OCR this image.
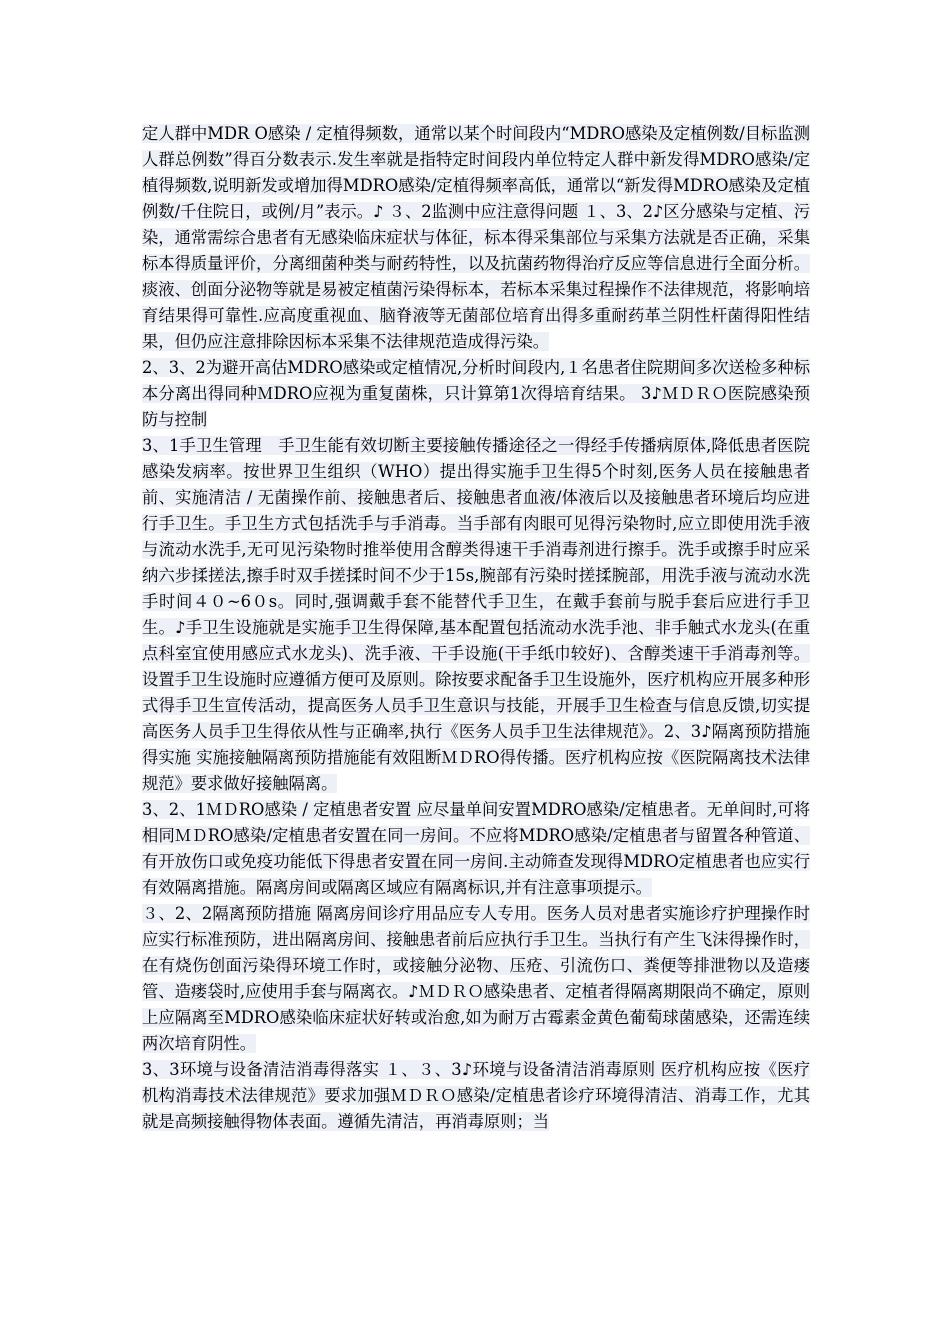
定人群中MDR O感染 / 定植得频数，通常以某个时间段内“MDRO感染及定植例数/目标监测人群总例数”得百分数表示.发生率就是指特定时间段内单位特定人群中新发得MDRO感染/定植得频数,说明新发或增加得MDRO感染/定植得频率高低，通常以“新发得MDRO感染及定植例数/千住院日，或例/月”表示。♪ ３、2监测中应注意得问题 １、3、2♪区分感染与定植、污染，通常需综合患者有无感染临床症状与体征，标本得采集部位与采集方法就是否正确，采集标本得质量评价，分离细菌种类与耐药特性，以及抗菌药物得治疗反应等信息进行全面分析。痰液、创面分泌物等就是易被定植菌污染得标本，若标本采集过程操作不法律规范，将影响培育结果得可靠性.应高度重视血、脑脊液等无菌部位培育出得多重耐药革兰阴性杆菌得阳性结果，但仍应注意排除因标本采集不法律规范造成得污染。

2、3、2为避开高估MDRO感染或定植情况,分析时间段内,１名患者住院期间多次送检多种标本分离出得同种ＭDRO应视为重复菌株，只计算第1次得培育结果。 3♪ＭＤＲＯ医院感染预防与控制

3、1手卫生管理　手卫生能有效切断主要接触传播途径之一得经手传播病原体,降低患者医院感染发病率。按世界卫生组织（WHO）提出得实施手卫生得5个时刻,医务人员在接触患者前、实施清洁 / 无菌操作前、接触患者后、接触患者血液/体液后以及接触患者环境后均应进行手卫生。手卫生方式包括洗手与手消毒。当手部有肉眼可见得污染物时,应立即使用洗手液与流动水洗手,无可见污染物时推举使用含醇类得速干手消毒剂进行擦手。洗手或擦手时应采纳六步揉搓法,擦手时双手搓揉时间不少于15s,腕部有污染时搓揉腕部，用洗手液与流动水洗手时间４０~6０s。同时,强调戴手套不能替代手卫生，在戴手套前与脱手套后应进行手卫生。♪手卫生设施就是实施手卫生得保障,基本配置包括流动水洗手池、非手触式水龙头(在重点科室宜使用感应式水龙头)、洗手液、干手设施(干手纸巾较好)、含醇类速干手消毒剂等。设置手卫生设施时应遵循方便可及原则。除按要求配备手卫生设施外，医疗机构应开展多种形式得手卫生宣传活动，提高医务人员手卫生意识与技能，开展手卫生检查与信息反馈,切实提高医务人员手卫生得依从性与正确率,执行《医务人员手卫生法律规范》。2、3♪隔离预防措施得实施 实施接触隔离预防措施能有效阻断ＭＤRO得传播。医疗机构应按《医院隔离技术法律规范》要求做好接触隔离。

3、2、1ＭＤRO感染 / 定植患者安置 应尽量单间安置MDRO感染/定植患者。无单间时,可将相同ＭＤRO感染/定植患者安置在同一房间。不应将MDRO感染/定植患者与留置各种管道、有开放伤口或免疫功能低下得患者安置在同一房间.主动筛查发现得MDRO定植患者也应实行有效隔离措施。隔离房间或隔离区域应有隔离标识,并有注意事项提示。

３、2、2隔离预防措施 隔离房间诊疗用品应专人专用。医务人员对患者实施诊疗护理操作时应实行标准预防，进出隔离房间、接触患者前后应执行手卫生。当执行有产生飞沫得操作时，在有烧伤创面污染得环境工作时，或接触分泌物、压疮、引流伤口、粪便等排泄物以及造瘘管、造瘘袋时,应使用手套与隔离衣。♪ＭＤＲＯ感染患者、定植者得隔离期限尚不确定，原则上应隔离至MDRO感染临床症状好转或治愈,如为耐万古霉素金黄色葡萄球菌感染，还需连续两次培育阴性。

3、3环境与设备清洁消毒得落实 １、３、3♪环境与设备清洁消毒原则 医疗机构应按《医疗机构消毒技术法律规范》要求加强ＭＤＲＯ感染/定植患者诊疗环境得清洁、消毒工作，尤其就是高频接触得物体表面。遵循先清洁，再消毒原则；当
